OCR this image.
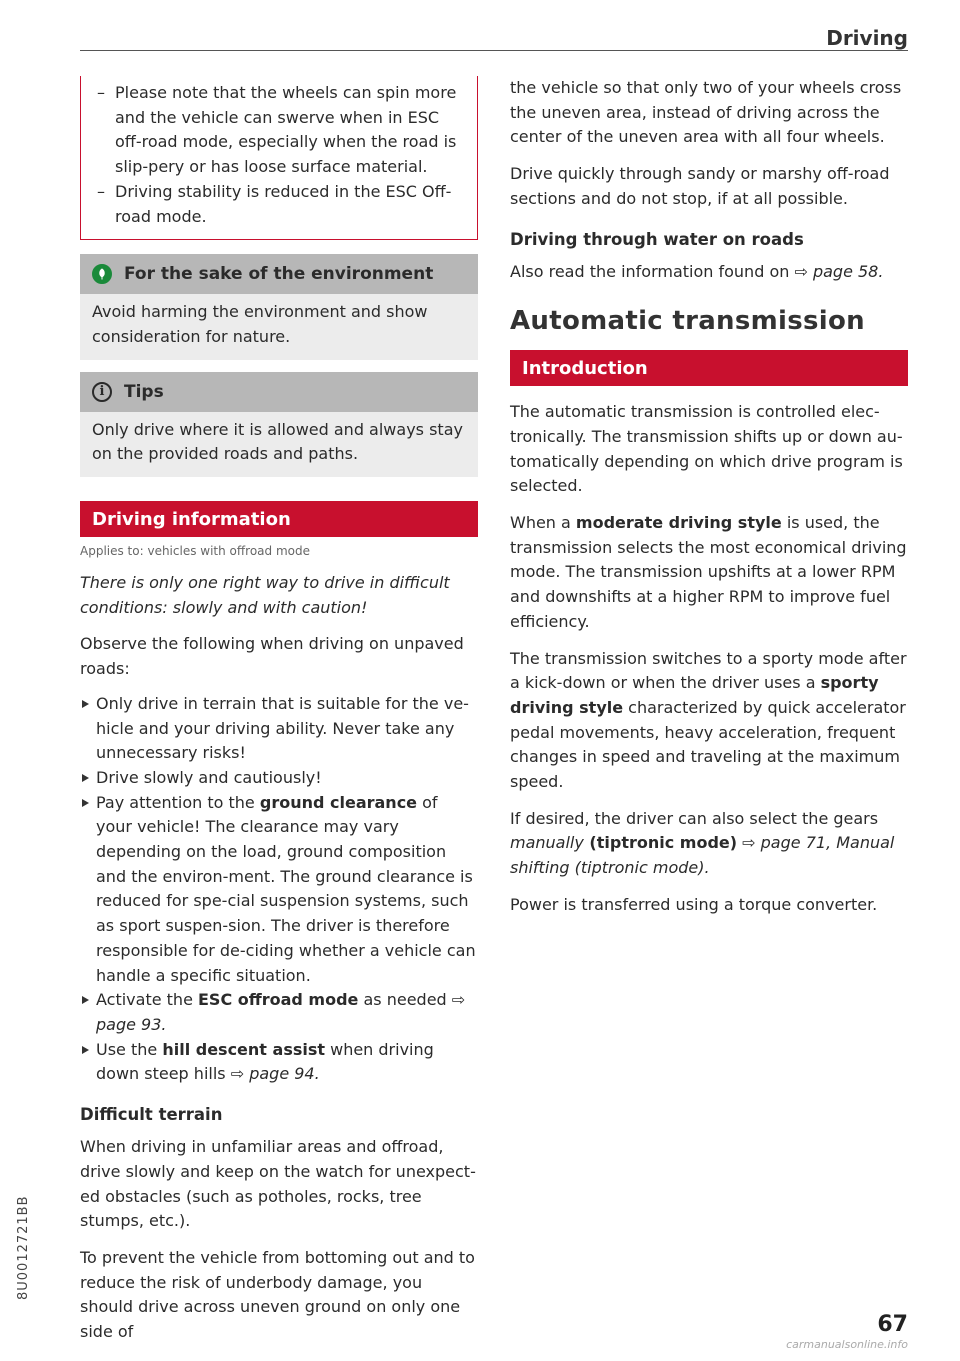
Driving
– Please note that the wheels can spin more and the vehicle can swerve when in ESC off-road mode, especially when the road is slip-pery or has loose surface material.
– Driving stability is reduced in the ESC Off-road mode.
For the sake of the environment

Avoid harming the environment and show consideration for nature.

i	Tips

Only drive where it is allowed and always stay on the provided roads and paths.

Driving information
Applies to: vehicles with offroad mode

There is only one right way to drive in difficult conditions: slowly and with caution!

Observe the following when driving on unpaved roads:

Only drive in terrain that is suitable for the ve-hicle and your driving ability. Never take any unnecessary risks!
Drive slowly and cautiously!
Pay attention to the ground clearance of your vehicle! The clearance may vary depending on the load, ground composition and the environ-ment. The ground clearance is reduced for spe-cial suspension systems, such as sport suspen-sion. The driver is therefore responsible for de-ciding whether a vehicle can handle a specific situation.
Activate the ESC offroad mode as needed ⇨ page 93.
Use the hill descent assist when driving down steep hills ⇨ page 94.
Difficult terrain

When driving in unfamiliar areas and offroad, drive slowly and keep on the watch for unexpect-ed obstacles (such as potholes, rocks, tree stumps, etc.).

To prevent the vehicle from bottoming out and to reduce the risk of underbody damage, you should drive across uneven ground on only one side of

the vehicle so that only two of your wheels cross the uneven area, instead of driving across the center of the uneven area with all four wheels.

Drive quickly through sandy or marshy off-road sections and do not stop, if at all possible.

Driving through water on roads

Also read the information found on ⇨ page 58.

Automatic transmission
Introduction

The automatic transmission is controlled elec-tronically. The transmission shifts up or down au-tomatically depending on which drive program is selected.

When a moderate driving style is used, the transmission selects the most economical driving mode. The transmission upshifts at a lower RPM and downshifts at a higher RPM to improve fuel efficiency.

The transmission switches to a sporty mode after a kick-down or when the driver uses a sporty driving style characterized by quick accelerator pedal movements, heavy acceleration, frequent changes in speed and traveling at the maximum speed.

If desired, the driver can also select the gears manually (tiptronic mode) ⇨ page 71, Manual shifting (tiptronic mode).

Power is transferred using a torque converter.

8U0012721BB
67
carmanualsonline.info
